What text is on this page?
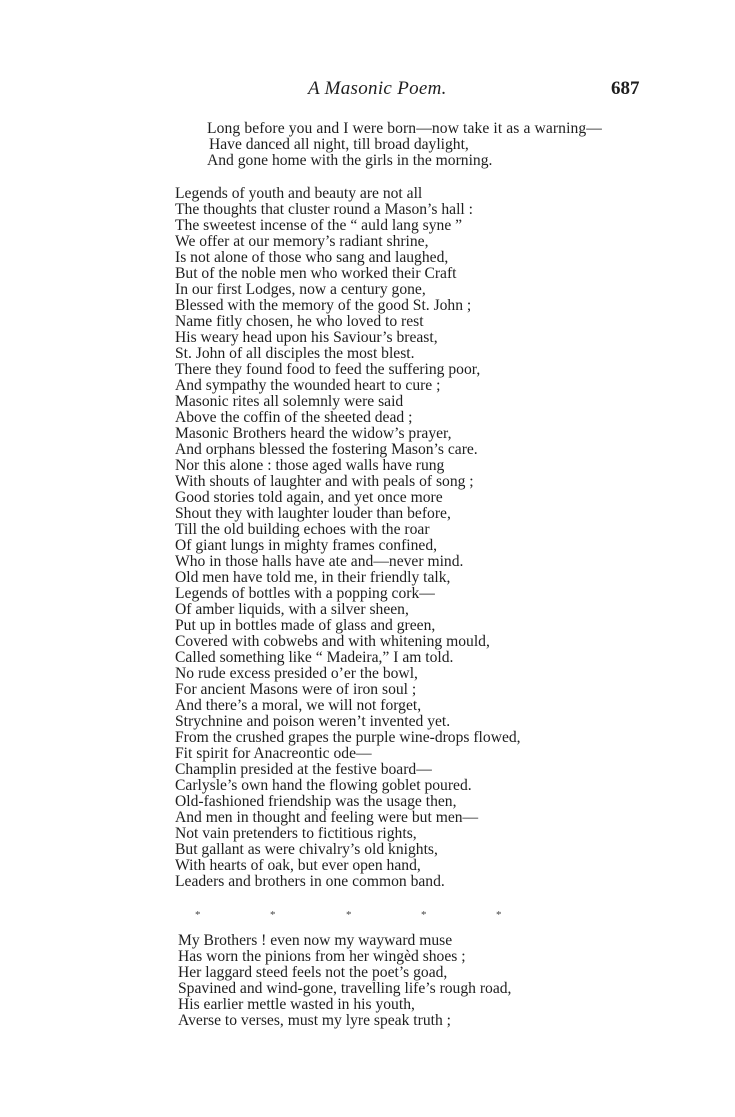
A Masonic Poem.	687
Long before you and I were born—now take it as a warning—
Have danced all night, till broad daylight,
And gone home with the girls in the morning.
Legends of youth and beauty are not all
The thoughts that cluster round a Mason’s hall :
The sweetest incense of the “ auld lang syne ”
We offer at our memory’s radiant shrine,
Is not alone of those who sang and laughed,
But of the noble men who worked their Craft
In our first Lodges, now a century gone,
Blessed with the memory of the good St. John ;
Name fitly chosen, he who loved to rest
His weary head upon his Saviour’s breast,
St. John of all disciples the most blest.
There they found food to feed the suffering poor,
And sympathy the wounded heart to cure ;
Masonic rites all solemnly were said
Above the coffin of the sheeted dead ;
Masonic Brothers heard the widow’s prayer,
And orphans blessed the fostering Mason’s care.
Nor this alone : those aged walls have rung
With shouts of laughter and with peals of song ;
Good stories told again, and yet once more
Shout they with laughter louder than before,
Till the old building echoes with the roar
Of giant lungs in mighty frames confined,
Who in those halls have ate and—never mind.
Old men have told me, in their friendly talk,
Legends of bottles with a popping cork—
Of amber liquids, with a silver sheen,
Put up in bottles made of glass and green,
Covered with cobwebs and with whitening mould,
Called something like “ Madeira,” I am told.
No rude excess presided o’er the bowl,
For ancient Masons were of iron soul ;
And there’s a moral, we will not forget,
Strychnine and poison weren’t invented yet.
From the crushed grapes the purple wine-drops flowed,
Fit spirit for Anacreontic ode—
Champlin presided at the festive board—
Carlysle’s own hand the flowing goblet poured.
Old-fashioned friendship was the usage then,
And men in thought and feeling were but men—
Not vain pretenders to fictitious rights,
But gallant as were chivalry’s old knights,
With hearts of oak, but ever open hand,
Leaders and brothers in one common band.
*	*	*	*	*
My Brothers ! even now my wayward muse
Has worn the pinions from her wingèd shoes ;
Her laggard steed feels not the poet’s goad,
Spavined and wind-gone, travelling life’s rough road,
His earlier mettle wasted in his youth,
Averse to verses, must my lyre speak truth ;
